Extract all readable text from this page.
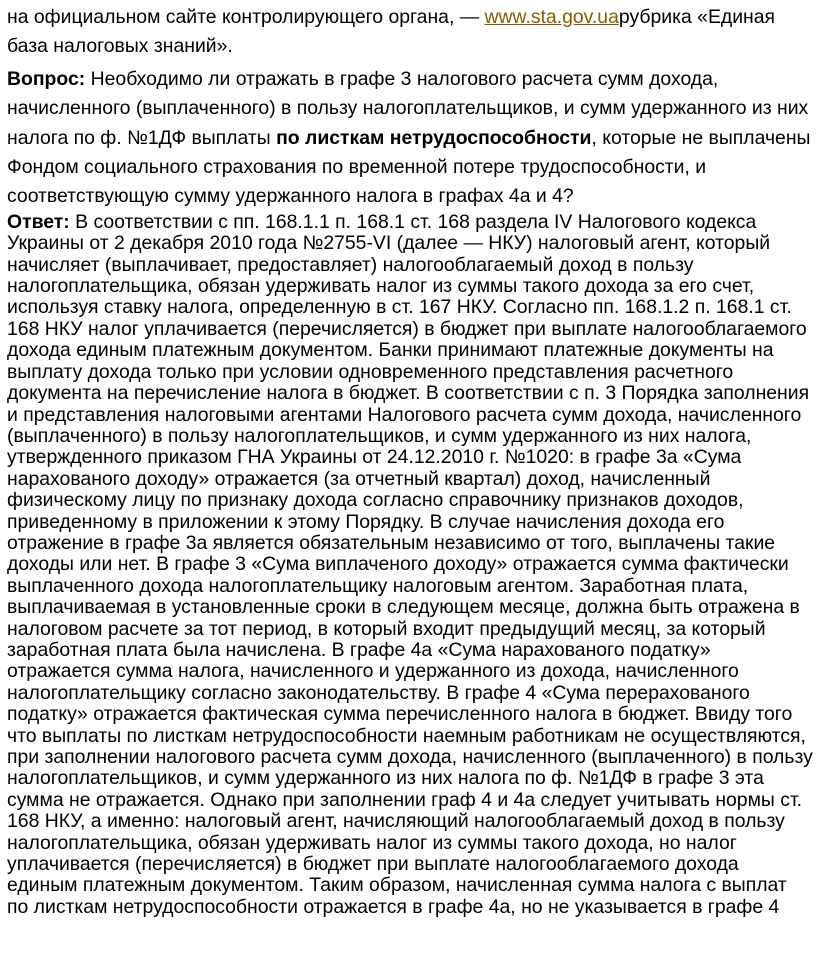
на официальном сайте контролирующего органа, — www.sta.gov.uaрубрика «Единая база налоговых знаний».

Вопрос: Необходимо ли отражать в графе 3 налогового расчета сумм дохода, начисленного (выплаченного) в пользу налогоплательщиков, и сумм удержанного из них налога по ф. №1ДФ выплаты по листкам нетрудоспособности, которые не выплачены Фондом социального страхования по временной потере трудоспособности, и соответствующую сумму удержанного налога в графах 4а и 4?

Ответ: В соответствии с пп. 168.1.1 п. 168.1 ст. 168 раздела IV Налогового кодекса Украины от 2 декабря 2010 года №2755-VI (далее — НКУ) налоговый агент, который начисляет (выплачивает, предоставляет) налогооблагаемый доход в пользу налогоплательщика, обязан удерживать налог из суммы такого дохода за его счет, используя ставку налога, определенную в ст. 167 НКУ. Согласно пп. 168.1.2 п. 168.1 ст. 168 НКУ налог уплачивается (перечисляется) в бюджет при выплате налогооблагаемого дохода единым платежным документом. Банки принимают платежные документы на выплату дохода только при условии одновременного представления расчетного документа на перечисление налога в бюджет. В соответствии с п. 3 Порядка заполнения и представления налоговыми агентами Налогового расчета сумм дохода, начисленного (выплаченного) в пользу налогоплательщиков, и сумм удержанного из них налога, утвержденного приказом ГНА Украины от 24.12.2010 г. №1020: в графе 3а «Сума нарахованого доходу» отражается (за отчетный квартал) доход, начисленный физическому лицу по признаку дохода согласно справочнику признаков доходов, приведенному в приложении к этому Порядку. В случае начисления дохода его отражение в графе 3а является обязательным независимо от того, выплачены такие доходы или нет. В графе 3 «Сума виплаченого доходу» отражается сумма фактически выплаченного дохода налогоплательщику налоговым агентом. Заработная плата, выплачиваемая в установленные сроки в следующем месяце, должна быть отражена в налоговом расчете за тот период, в который входит предыдущий месяц, за который заработная плата была начислена. В графе 4а «Сума нарахованого податку» отражается сумма налога, начисленного и удержанного из дохода, начисленного налогоплательщику согласно законодательству. В графе 4 «Сума перерахованого податку» отражается фактическая сумма перечисленного налога в бюджет. Ввиду того что выплаты по листкам нетрудоспособности наемным работникам не осуществляются, при заполнении налогового расчета сумм дохода, начисленного (выплаченного) в пользу налогоплательщиков, и сумм удержанного из них налога по ф. №1ДФ в графе 3 эта сумма не отражается. Однако при заполнении граф 4 и 4а следует учитывать нормы ст. 168 НКУ, а именно: налоговый агент, начисляющий налогооблагаемый доход в пользу налогоплательщика, обязан удерживать налог из суммы такого дохода, но налог уплачивается (перечисляется) в бюджет при выплате налогооблагаемого дохода единым платежным документом. Таким образом, начисленная сумма налога с выплат по листкам нетрудоспособности отражается в графе 4а, но не указывается в графе 4
